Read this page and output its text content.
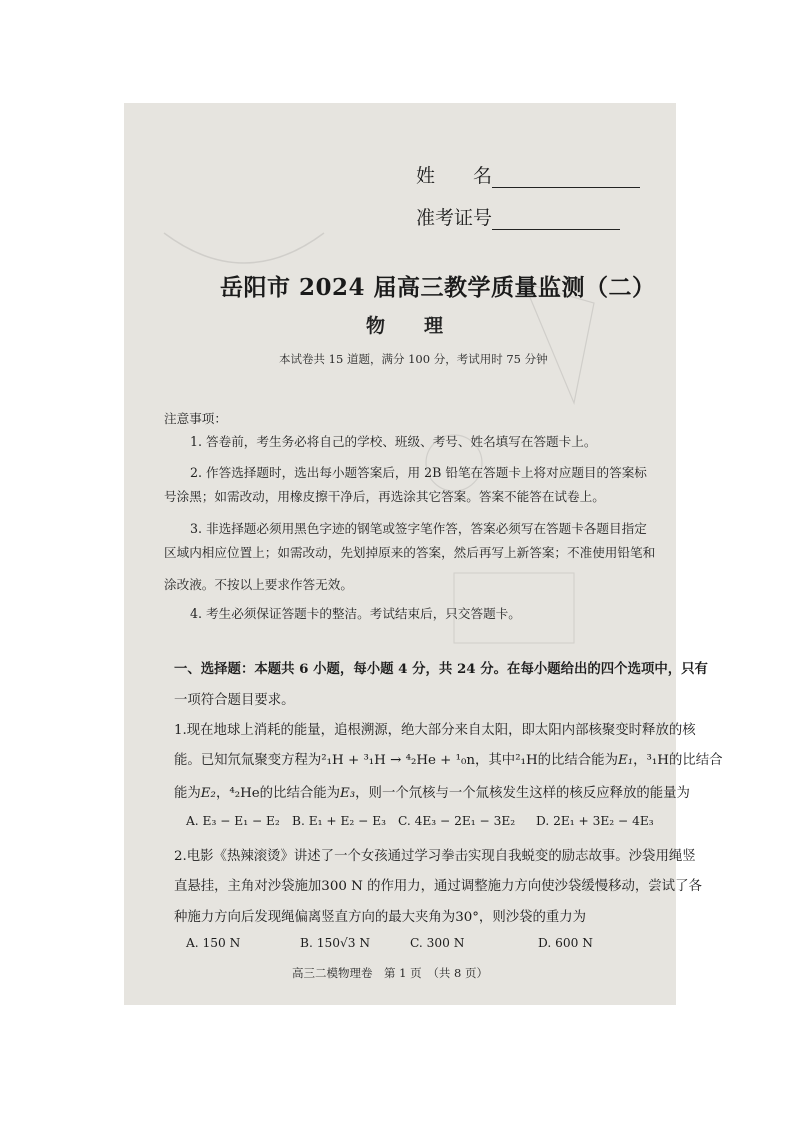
姓　　名
准考证号
岳阳市 2024 届高三教学质量监测（二）
物　理
本试卷共 15 道题，满分 100 分，考试用时 75 分钟
注意事项：
1. 答卷前，考生务必将自己的学校、班级、考号、姓名填写在答题卡上。
2. 作答选择题时，选出每小题答案后，用 2B 铅笔在答题卡上将对应题目的答案标
号涂黑；如需改动，用橡皮擦干净后，再选涂其它答案。答案不能答在试卷上。
3. 非选择题必须用黑色字迹的钢笔或签字笔作答，答案必须写在答题卡各题目指定
区域内相应位置上；如需改动，先划掉原来的答案，然后再写上新答案；不准使用铅笔和
涂改液。不按以上要求作答无效。
4. 考生必须保证答题卡的整洁。考试结束后，只交答题卡。
一、选择题：本题共 6 小题，每小题 4 分，共 24 分。在每小题给出的四个选项中，只有
一项符合题目要求。
1.现在地球上消耗的能量，追根溯源，绝大部分来自太阳，即太阳内部核聚变时释放的核
能。已知氘氚聚变方程为²₁H + ³₁H → ⁴₂He + ¹₀n，其中²₁H的比结合能为E₁，³₁H的比结合
能为E₂，⁴₂He的比结合能为E₃，则一个氘核与一个氚核发生这样的核反应释放的能量为
A. E₃ − E₁ − E₂ B. E₁ + E₂ − E₃ C. 4E₃ − 2E₁ − 3E₂ D. 2E₁ + 3E₂ − 4E₃
2.电影《热辣滚烫》讲述了一个女孩通过学习拳击实现自我蜕变的励志故事。沙袋用绳竖
直悬挂，主角对沙袋施加300 N 的作用力，通过调整施力方向使沙袋缓慢移动，尝试了各
种施力方向后发现绳偏离竖直方向的最大夹角为30°，则沙袋的重力为
A. 150 N	B. 150√3 N	C. 300 N	D. 600 N
高三二模物理卷　第 1 页　（共 8 页）
